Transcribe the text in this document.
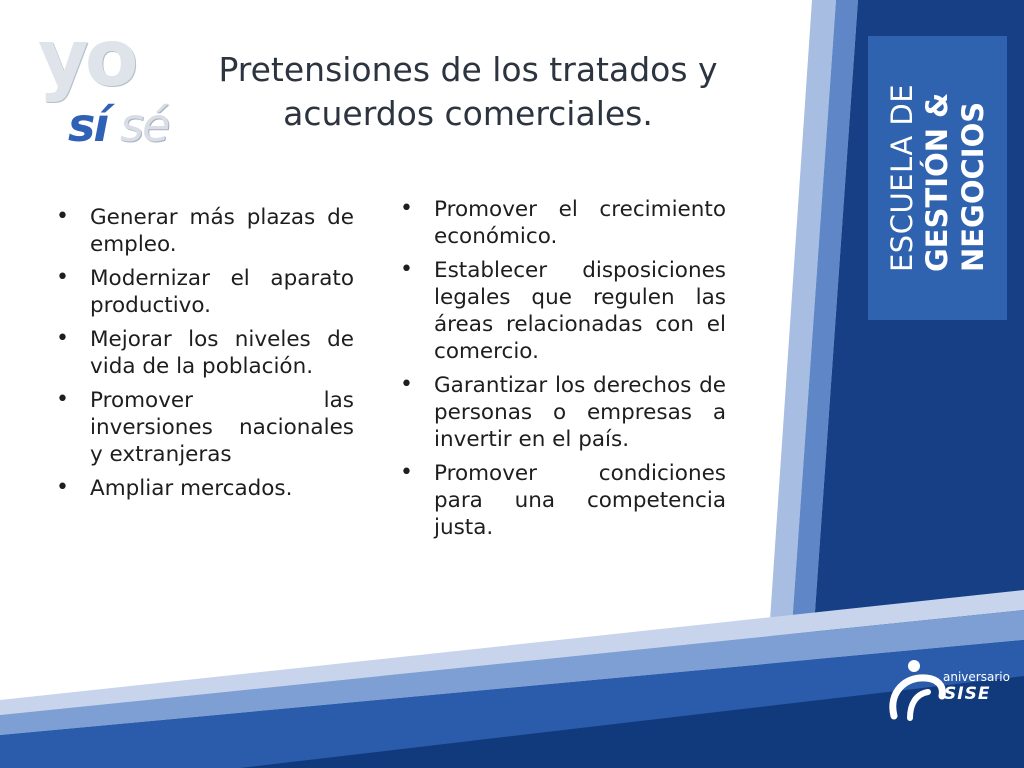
yo
sí sé
Pretensiones de los tratados y acuerdos comerciales.
• Generar más plazas de empleo.
• Modernizar el aparato productivo.
• Mejorar los niveles de vida de la población.
• Promover las inversiones nacionales y extranjeras
• Ampliar mercados.
• Promover el crecimiento económico.
• Establecer disposiciones legales que regulen las áreas relacionadas con el comercio.
• Garantizar los derechos de personas o empresas a invertir en el país.
• Promover condiciones para una competencia justa.
ESCUELA DE GESTIÓN & NEGOCIOS
aniversario
SISE
